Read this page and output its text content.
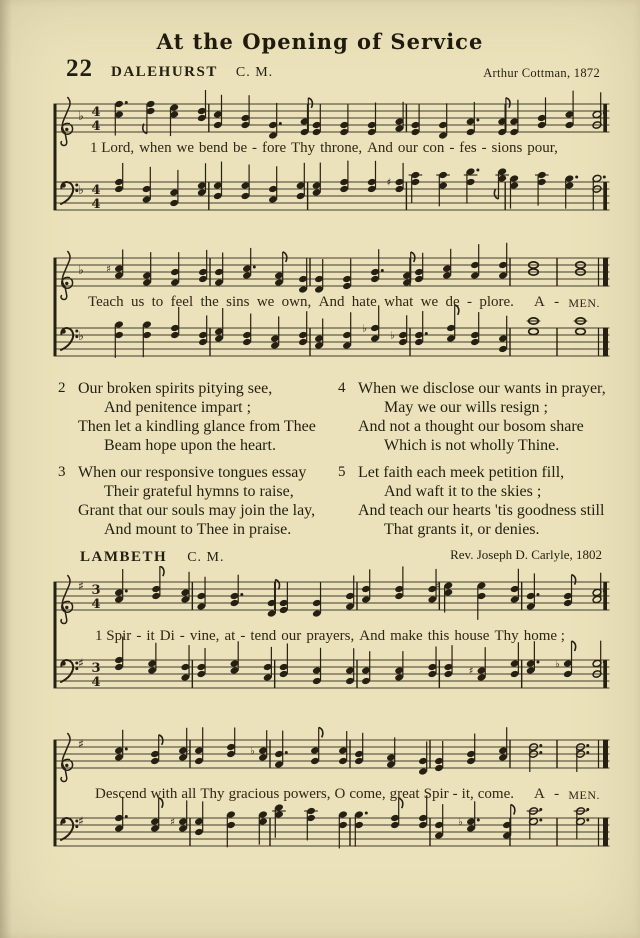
At the Opening of Service
22 DALEHURST C. M.	Arthur Cottman, 1872
1 Lord, when we bend be - fore Thy throne, And our con - fes - sions pour,
Teach us to feel the sins we own, And hate what we de - plore. A - MEN.
2 Our broken spirits pitying see,
And penitence impart ;
Then let a kindling glance from Thee
Beam hope upon the heart.
3 When our responsive tongues essay
Their grateful hymns to raise,
Grant that our souls may join the lay,
And mount to Thee in praise.
4 When we disclose our wants in prayer,
May we our wills resign ;
And not a thought our bosom share
Which is not wholly Thine.
5 Let faith each meek petition fill,
And waft it to the skies ;
And teach our hearts 'tis goodness still
That grants it, or denies.
Rev. Joseph D. Carlyle, 1802
LAMBETH C. M.
1 Spir - it Di - vine, at - tend our prayers, And make this house Thy home ;
Descend with all Thy gracious powers, O come, great Spir - it, come. A - MEN.
♭ 4
4
♭ 4
4
♯
♭ ♯
♭	♭
♭
♯ 3
4
♯
♯ 3
4
♯
♭
♯
♭	♭
♯	♯	♭
